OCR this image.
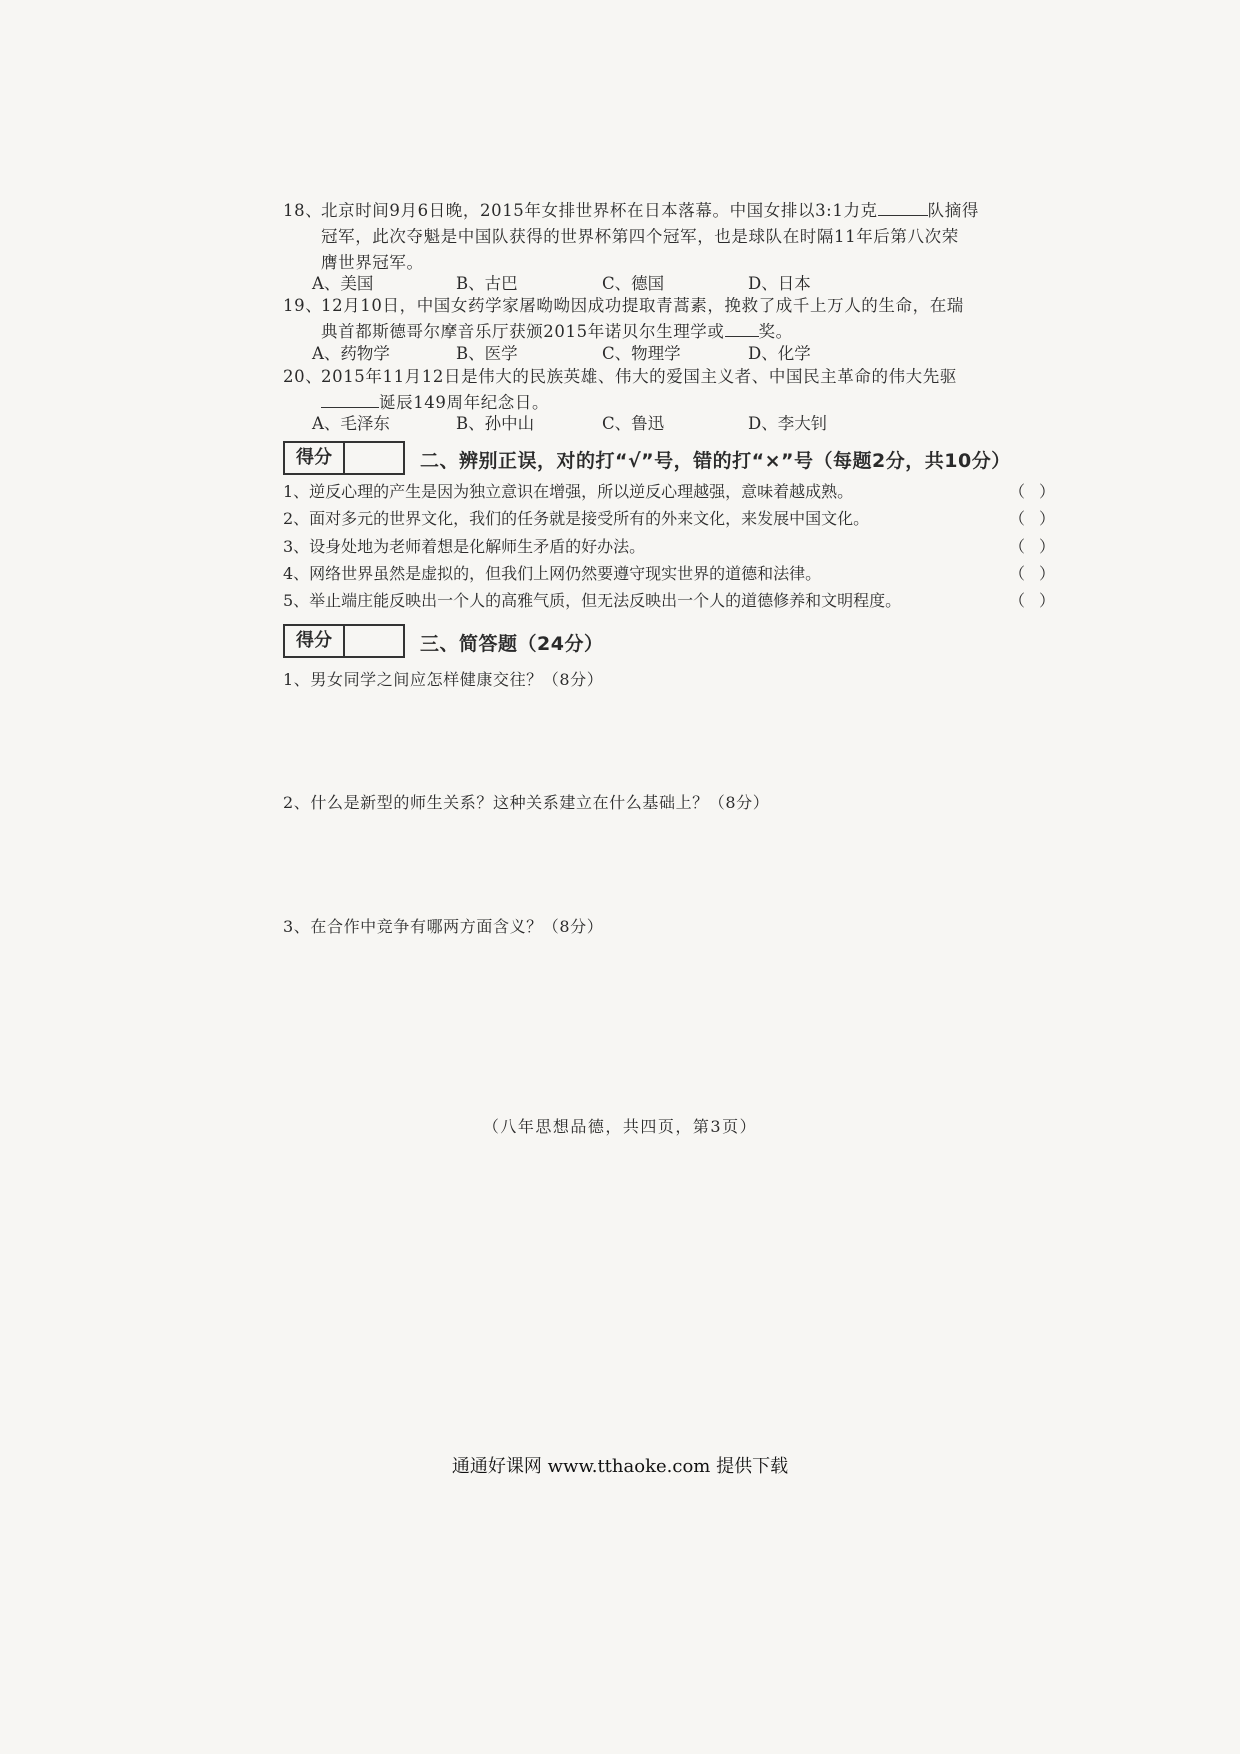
18、北京时间9月6日晚，2015年女排世界杯在日本落幕。中国女排以3:1力克	队摘得
冠军，此次夺魁是中国队获得的世界杯第四个冠军，也是球队在时隔11年后第八次荣
膺世界冠军。
A、美国	B、古巴	C、德国	D、日本
19、12月10日，中国女药学家屠呦呦因成功提取青蒿素，挽救了成千上万人的生命，在瑞
典首都斯德哥尔摩音乐厅获颁2015年诺贝尔生理学或 奖。
A、药物学	B、医学	C、物理学	D、化学
20、2015年11月12日是伟大的民族英雄、伟大的爱国主义者、中国民主革命的伟大先驱
诞辰149周年纪念日。
A、毛泽东	B、孙中山	C、鲁迅	D、李大钊
得分	二、辨别正误，对的打“√”号，错的打“×”号（每题2分，共10分）
1、逆反心理的产生是因为独立意识在增强，所以逆反心理越强，意味着越成熟。	（）
2、面对多元的世界文化，我们的任务就是接受所有的外来文化，来发展中国文化。	（）
3、设身处地为老师着想是化解师生矛盾的好办法。	（）
4、网络世界虽然是虚拟的，但我们上网仍然要遵守现实世界的道德和法律。	（）
5、举止端庄能反映出一个人的高雅气质，但无法反映出一个人的道德修养和文明程度。	（）
得分	三、简答题（24分）
1、男女同学之间应怎样健康交往？（8分）
2、什么是新型的师生关系？这种关系建立在什么基础上？（8分）
3、在合作中竞争有哪两方面含义？（8分）
（八年思想品德，共四页，第3页）
通通好课网 www.tthaoke.com 提供下载
